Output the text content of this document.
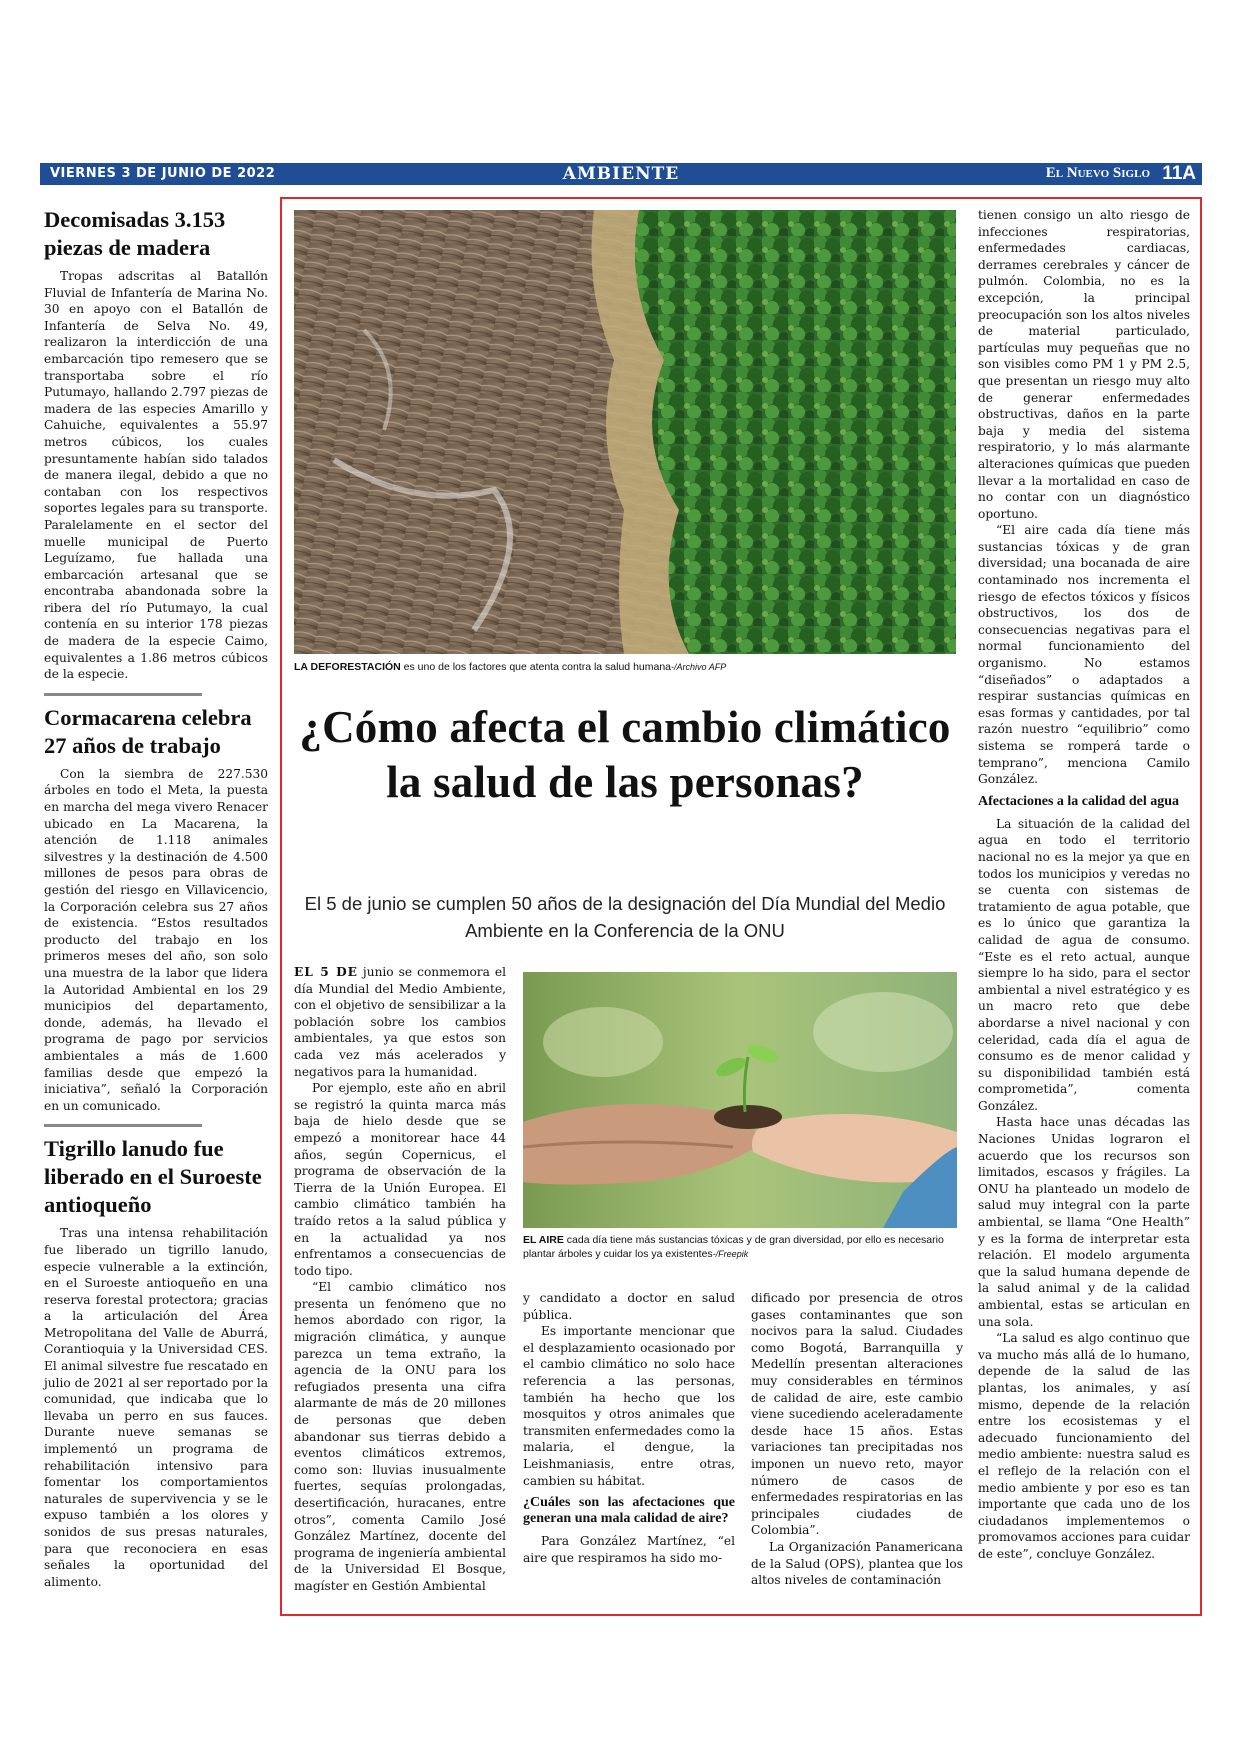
VIERNES 3 DE JUNIO DE 2022	AMBIENTE	El Nuevo Siglo 11A
Decomisadas 3.153 piezas de madera

Tropas adscritas al Batallón Fluvial de Infantería de Marina No. 30 en apoyo con el Batallón de Infantería de Selva No. 49, realizaron la interdicción de una embarcación tipo remesero que se transportaba sobre el río Putumayo, hallando 2.797 piezas de madera de las especies Amarillo y Cahuiche, equivalentes a 55.97 metros cúbicos, los cuales presuntamente habían sido talados de manera ilegal, debido a que no contaban con los respectivos soportes legales para su transporte. Paralelamente en el sector del muelle municipal de Puerto Leguízamo, fue hallada una embarcación artesanal que se encontraba abandonada sobre la ribera del río Putumayo, la cual contenía en su interior 178 piezas de madera de la especie Caimo, equivalentes a 1.86 metros cúbicos de la especie.

Cormacarena celebra 27 años de trabajo

Con la siembra de 227.530 árboles en todo el Meta, la puesta en marcha del mega vivero Renacer ubicado en La Macarena, la atención de 1.118 animales silvestres y la destinación de 4.500 millones de pesos para obras de gestión del riesgo en Villavicencio, la Corporación celebra sus 27 años de existencia. “Estos resultados producto del trabajo en los primeros meses del año, son solo una muestra de la labor que lidera la Autoridad Ambiental en los 29 municipios del departamento, donde, además, ha llevado el programa de pago por servicios ambientales a más de 1.600 familias desde que empezó la iniciativa”, señaló la Corporación en un comunicado.

Tigrillo lanudo fue liberado en el Suroeste antioqueño

Tras una intensa rehabilitación fue liberado un tigrillo lanudo, especie vulnerable a la extinción, en el Suroeste antioqueño en una reserva forestal protectora; gracias a la articulación del Área Metropolitana del Valle de Aburrá, Corantioquia y la Universidad CES. El animal silvestre fue rescatado en julio de 2021 al ser reportado por la comunidad, que indicaba que lo llevaba un perro en sus fauces. Durante nueve semanas se implementó un programa de rehabilitación intensivo para fomentar los comportamientos naturales de supervivencia y se le expuso también a los olores y sonidos de sus presas naturales, para que reconociera en esas señales la oportunidad del alimento.

LA DEFORESTACIÓN es uno de los factores que atenta contra la salud humana-/Archivo AFP
¿Cómo afecta el cambio climático la salud de las personas?
El 5 de junio se cumplen 50 años de la designación del Día Mundial del Medio Ambiente en la Conferencia de la ONU

EL 5 DE junio se conmemora el día Mundial del Medio Ambiente, con el objetivo de sensibilizar a la población sobre los cambios ambientales, ya que estos son cada vez más acelerados y negativos para la humanidad.

Por ejemplo, este año en abril se registró la quinta marca más baja de hielo desde que se empezó a monitorear hace 44 años, según Copernicus, el programa de observación de la Tierra de la Unión Europea. El cambio climático también ha traído retos a la salud pública y en la actualidad ya nos enfrentamos a consecuencias de todo tipo.

“El cambio climático nos presenta un fenómeno que no hemos abordado con rigor, la migración climática, y aunque parezca un tema extraño, la agencia de la ONU para los refugiados presenta una cifra alarmante de más de 20 millones de personas que deben abandonar sus tierras debido a eventos climáticos extremos, como son: lluvias inusualmente fuertes, sequías prolongadas, desertificación, huracanes, entre otros”, comenta Camilo José González Martínez, docente del programa de ingeniería ambiental de la Universidad El Bosque, magíster en Gestión Ambiental

EL AIRE cada día tiene más sustancias tóxicas y de gran diversidad, por ello es necesario plantar árboles y cuidar los ya existentes-/Freepik

y candidato a doctor en salud pública.

Es importante mencionar que el desplazamiento ocasionado por el cambio climático no solo hace referencia a las personas, también ha hecho que los mosquitos y otros animales que transmiten enfermedades como la malaria, el dengue, la Leishmaniasis, entre otras, cambien su hábitat.

¿Cuáles son las afectaciones que generan una mala calidad de aire?

Para González Martínez, “el aire que respiramos ha sido mo-

dificado por presencia de otros gases contaminantes que son nocivos para la salud. Ciudades como Bogotá, Barranquilla y Medellín presentan alteraciones muy considerables en términos de calidad de aire, este cambio viene sucediendo aceleradamente desde hace 15 años. Estas variaciones tan precipitadas nos imponen un nuevo reto, mayor número de casos de enfermedades respiratorias en las principales ciudades de Colombia”.

La Organización Panamericana de la Salud (OPS), plantea que los altos niveles de contaminación

tienen consigo un alto riesgo de infecciones respiratorias, enfermedades cardiacas, derrames cerebrales y cáncer de pulmón. Colombia, no es la excepción, la principal preocupación son los altos niveles de material particulado, partículas muy pequeñas que no son visibles como PM 1 y PM 2.5, que presentan un riesgo muy alto de generar enfermedades obstructivas, daños en la parte baja y media del sistema respiratorio, y lo más alarmante alteraciones químicas que pueden llevar a la mortalidad en caso de no contar con un diagnóstico oportuno.

“El aire cada día tiene más sustancias tóxicas y de gran diversidad; una bocanada de aire contaminado nos incrementa el riesgo de efectos tóxicos y físicos obstructivos, los dos de consecuencias negativas para el normal funcionamiento del organismo. No estamos “diseñados” o adaptados a respirar sustancias químicas en esas formas y cantidades, por tal razón nuestro “equilibrio” como sistema se romperá tarde o temprano”, menciona Camilo González.

Afectaciones a la calidad del agua

La situación de la calidad del agua en todo el territorio nacional no es la mejor ya que en todos los municipios y veredas no se cuenta con sistemas de tratamiento de agua potable, que es lo único que garantiza la calidad de agua de consumo. “Este es el reto actual, aunque siempre lo ha sido, para el sector ambiental a nivel estratégico y es un macro reto que debe abordarse a nivel nacional y con celeridad, cada día el agua de consumo es de menor calidad y su disponibilidad también está comprometida”, comenta González.

Hasta hace unas décadas las Naciones Unidas lograron el acuerdo que los recursos son limitados, escasos y frágiles. La ONU ha planteado un modelo de salud muy integral con la parte ambiental, se llama “One Health” y es la forma de interpretar esta relación. El modelo argumenta que la salud humana depende de la salud animal y de la calidad ambiental, estas se articulan en una sola.

“La salud es algo continuo que va mucho más allá de lo humano, depende de la salud de las plantas, los animales, y así mismo, depende de la relación entre los ecosistemas y el adecuado funcionamiento del medio ambiente: nuestra salud es el reflejo de la relación con el medio ambiente y por eso es tan importante que cada uno de los ciudadanos implementemos o promovamos acciones para cuidar de este”, concluye González.
